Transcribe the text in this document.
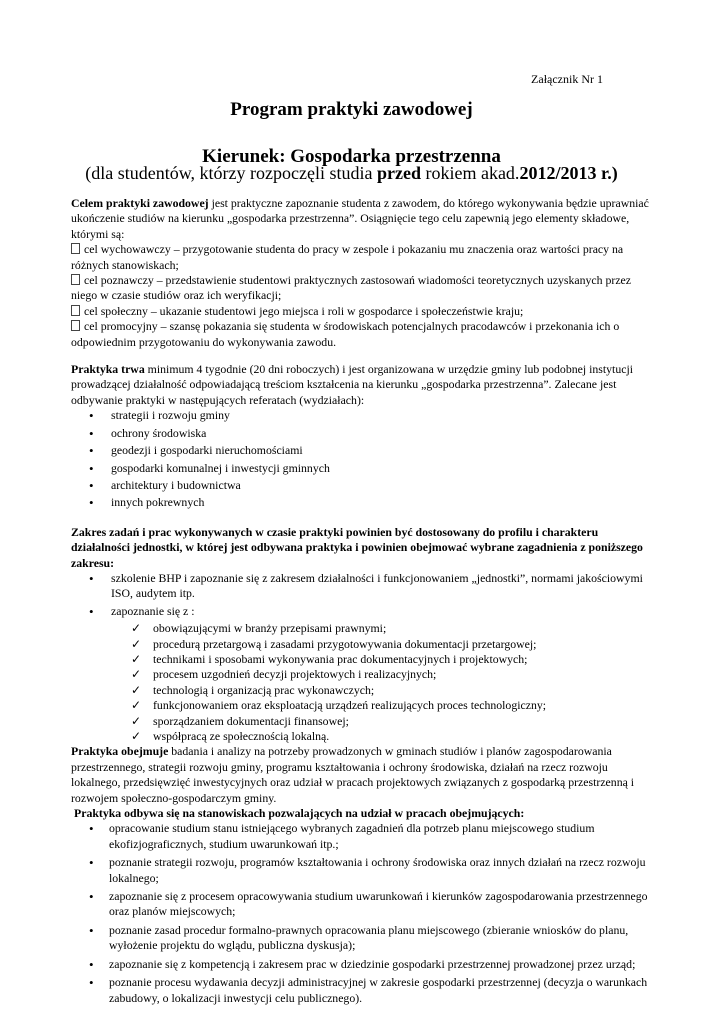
Załącznik Nr 1
Program praktyki zawodowej
Kierunek: Gospodarka przestrzenna
(dla studentów, którzy rozpoczęli studia przed rokiem akad.2012/2013 r.)

Celem praktyki zawodowej jest praktyczne zapoznanie studenta z zawodem, do którego wykonywania będzie uprawniać ukończenie studiów na kierunku „gospodarka przestrzenna”. Osiągnięcie tego celu zapewnią jego elementy składowe, którymi są:

cel wychowawczy – przygotowanie studenta do pracy w zespole i pokazaniu mu znaczenia oraz wartości pracy na różnych stanowiskach;
cel poznawczy – przedstawienie studentowi praktycznych zastosowań wiadomości teoretycznych uzyskanych przez niego w czasie studiów oraz ich weryfikacji;
cel społeczny – ukazanie studentowi jego miejsca i roli w gospodarce i społeczeństwie kraju;
cel promocyjny – szansę pokazania się studenta w środowiskach potencjalnych pracodawców i przekonania ich o odpowiednim przygotowaniu do wykonywania zawodu.

Praktyka trwa minimum 4 tygodnie (20 dni roboczych) i jest organizowana w urzędzie gminy lub podobnej instytucji prowadzącej działalność odpowiadającą treściom kształcenia na kierunku „gospodarka przestrzenna”. Zalecane jest odbywanie praktyki w następujących referatach (wydziałach):

• strategii i rozwoju gminy
• ochrony środowiska
• geodezji i gospodarki nieruchomościami
• gospodarki komunalnej i inwestycji gminnych
• architektury i budownictwa
• innych pokrewnych

Zakres zadań i prac wykonywanych w czasie praktyki powinien być dostosowany do profilu i charakteru działalności jednostki, w której jest odbywana praktyka i powinien obejmować wybrane zagadnienia z poniższego zakresu:

• szkolenie BHP i zapoznanie się z zakresem działalności i funkcjonowaniem „jednostki”, normami jakościowymi ISO, audytem itp.
• zapoznanie się z :
✓ obowiązującymi w branży przepisami prawnymi;
✓ procedurą przetargową i zasadami przygotowywania dokumentacji przetargowej;
✓ technikami i sposobami wykonywania prac dokumentacyjnych i projektowych;
✓ procesem uzgodnień decyzji projektowych i realizacyjnych;
✓ technologią i organizacją prac wykonawczych;
✓ funkcjonowaniem oraz eksploatacją urządzeń realizujących proces technologiczny;
✓ sporządzaniem dokumentacji finansowej;
✓ współpracą ze społecznością lokalną.

Praktyka obejmuje badania i analizy na potrzeby prowadzonych w gminach studiów i planów zagospodarowania przestrzennego, strategii rozwoju gminy, programu kształtowania i ochrony środowiska, działań na rzecz rozwoju lokalnego, przedsięwzięć inwestycyjnych oraz udział w pracach projektowych związanych z gospodarką przestrzenną i rozwojem społeczno-gospodarczym gminy.

Praktyka odbywa się na stanowiskach pozwalających na udział w pracach obejmujących:

• opracowanie studium stanu istniejącego wybranych zagadnień dla potrzeb planu miejscowego studium ekofizjograficznych, studium uwarunkowań itp.;
• poznanie strategii rozwoju, programów kształtowania i ochrony środowiska oraz innych działań na rzecz rozwoju lokalnego;
• zapoznanie się z procesem opracowywania studium uwarunkowań i kierunków zagospodarowania przestrzennego oraz planów miejscowych;
• poznanie zasad procedur formalno-prawnych opracowania planu miejscowego (zbieranie wniosków do planu, wyłożenie projektu do wglądu, publiczna dyskusja);
• zapoznanie się z kompetencją i zakresem prac w dziedzinie gospodarki przestrzennej prowadzonej przez urząd;
• poznanie procesu wydawania decyzji administracyjnej w zakresie gospodarki przestrzennej (decyzja o warunkach zabudowy, o lokalizacji inwestycji celu publicznego).
